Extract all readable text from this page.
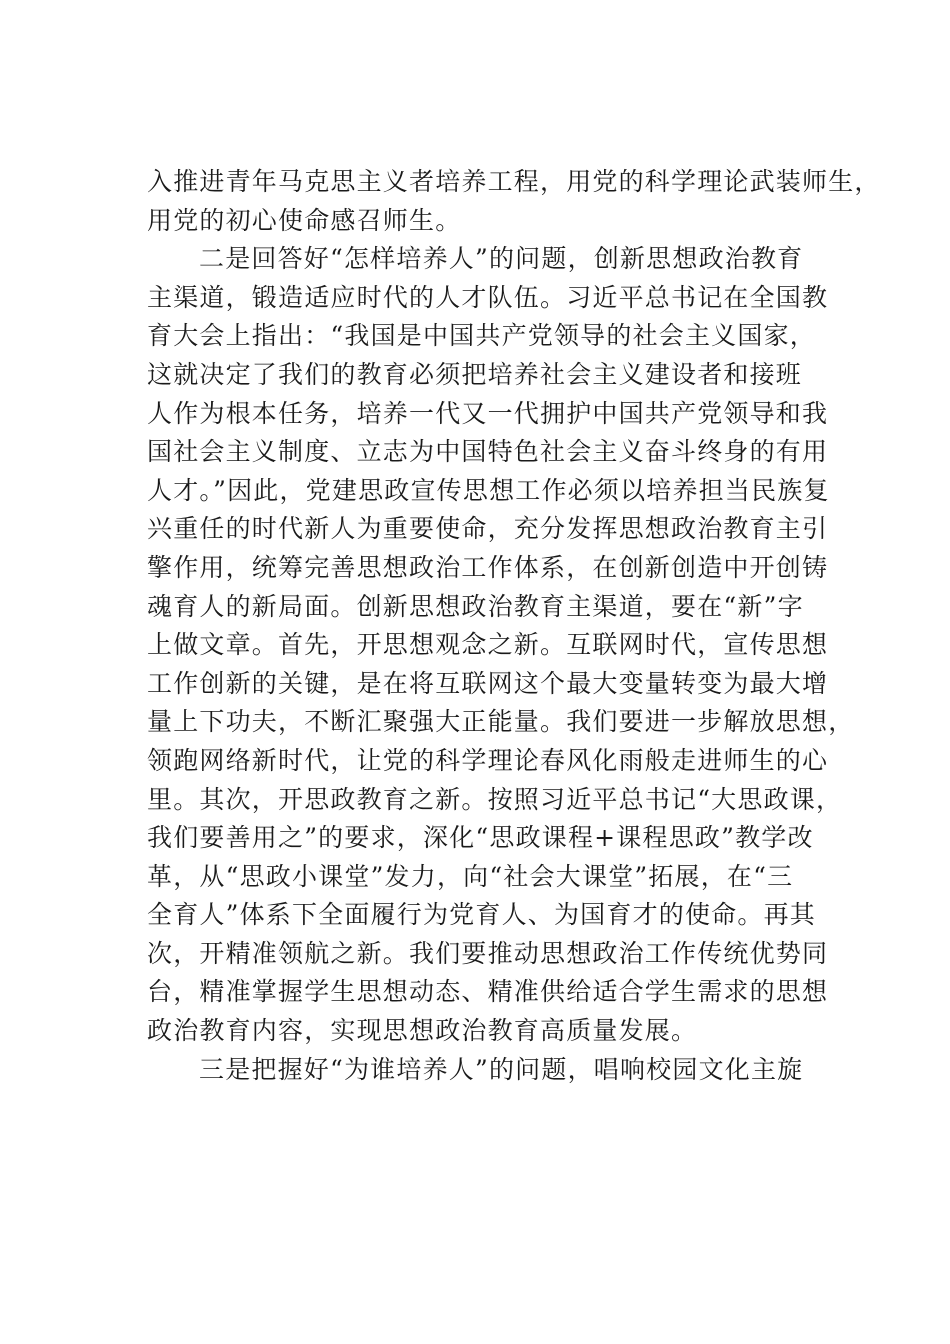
入推进青年马克思主义者培养工程，用党的科学理论武装师生，
用党的初心使命感召师生。
二是回答好“怎样培养人”的问题，创新思想政治教育
主渠道，锻造适应时代的人才队伍。习近平总书记在全国教
育大会上指出：“我国是中国共产党领导的社会主义国家，
这就决定了我们的教育必须把培养社会主义建设者和接班
人作为根本任务，培养一代又一代拥护中国共产党领导和我
国社会主义制度、立志为中国特色社会主义奋斗终身的有用
人才。”因此，党建思政宣传思想工作必须以培养担当民族复
兴重任的时代新人为重要使命，充分发挥思想政治教育主引
擎作用，统筹完善思想政治工作体系，在创新创造中开创铸
魂育人的新局面。创新思想政治教育主渠道，要在“新”字
上做文章。首先，开思想观念之新。互联网时代，宣传思想
工作创新的关键，是在将互联网这个最大变量转变为最大增
量上下功夫，不断汇聚强大正能量。我们要进一步解放思想，
领跑网络新时代，让党的科学理论春风化雨般走进师生的心
里。其次，开思政教育之新。按照习近平总书记“大思政课，
我们要善用之”的要求，深化“思政课程+课程思政”教学改
革，从“思政小课堂”发力，向“社会大课堂”拓展，在“三
全育人”体系下全面履行为党育人、为国育才的使命。再其
次，开精准领航之新。我们要推动思想政治工作传统优势同
台，精准掌握学生思想动态、精准供给适合学生需求的思想
政治教育内容，实现思想政治教育高质量发展。
三是把握好“为谁培养人”的问题，唱响校园文化主旋
